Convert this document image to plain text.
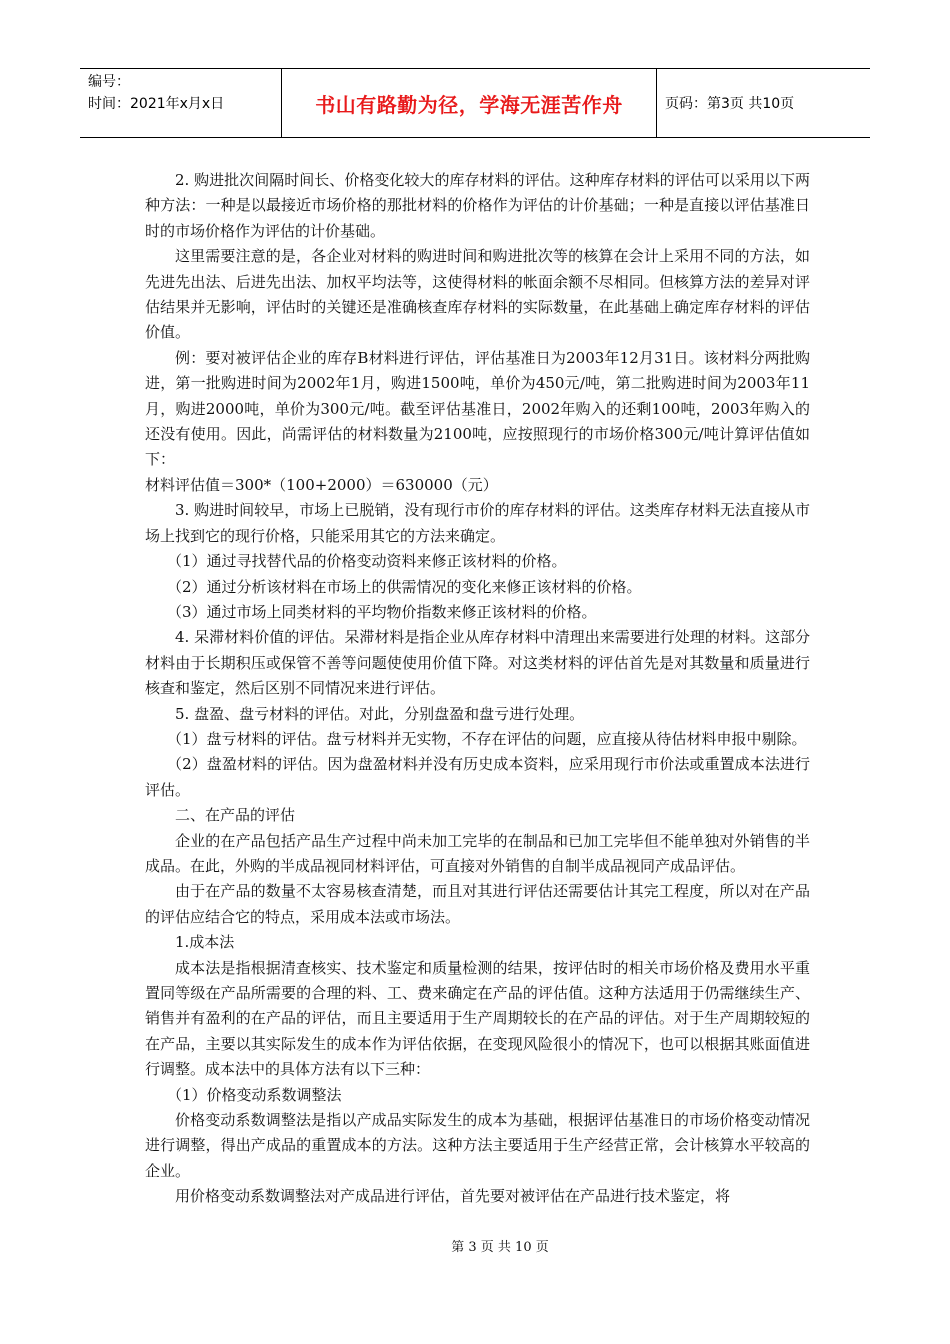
编号：
时间：2021年x月x日	书山有路勤为径，学海无涯苦作舟	页码：第3页 共10页

2. 购进批次间隔时间长、价格变化较大的库存材料的评估。这种库存材料的评估可以采用以下两种方法：一种是以最接近市场价格的那批材料的价格作为评估的计价基础；一种是直接以评估基准日时的市场价格作为评估的计价基础。

这里需要注意的是，各企业对材料的购进时间和购进批次等的核算在会计上采用不同的方法，如先进先出法、后进先出法、加权平均法等，这使得材料的帐面余额不尽相同。但核算方法的差异对评估结果并无影响，评估时的关键还是准确核查库存材料的实际数量，在此基础上确定库存材料的评估价值。

例：要对被评估企业的库存B材料进行评估，评估基准日为2003年12月31日。该材料分两批购进，第一批购进时间为2002年1月，购进1500吨，单价为450元/吨，第二批购进时间为2003年11月，购进2000吨，单价为300元/吨。截至评估基准日，2002年购入的还剩100吨，2003年购入的还没有使用。因此，尚需评估的材料数量为2100吨，应按照现行的市场价格300元/吨计算评估值如下：

材料评估值＝300*（100+2000）＝630000（元）

3. 购进时间较早，市场上已脱销，没有现行市价的库存材料的评估。这类库存材料无法直接从市场上找到它的现行价格，只能采用其它的方法来确定。

（1）通过寻找替代品的价格变动资料来修正该材料的价格。

（2）通过分析该材料在市场上的供需情况的变化来修正该材料的价格。

（3）通过市场上同类材料的平均物价指数来修正该材料的价格。

4. 呆滞材料价值的评估。呆滞材料是指企业从库存材料中清理出来需要进行处理的材料。这部分材料由于长期积压或保管不善等问题使使用价值下降。对这类材料的评估首先是对其数量和质量进行核查和鉴定，然后区别不同情况来进行评估。

5. 盘盈、盘亏材料的评估。对此，分别盘盈和盘亏进行处理。

（1）盘亏材料的评估。盘亏材料并无实物，不存在评估的问题，应直接从待估材料申报中剔除。

（2）盘盈材料的评估。因为盘盈材料并没有历史成本资料，应采用现行市价法或重置成本法进行评估。

二、在产品的评估

企业的在产品包括产品生产过程中尚未加工完毕的在制品和已加工完毕但不能单独对外销售的半成品。在此，外购的半成品视同材料评估，可直接对外销售的自制半成品视同产成品评估。

由于在产品的数量不太容易核查清楚，而且对其进行评估还需要估计其完工程度，所以对在产品的评估应结合它的特点，采用成本法或市场法。

1.成本法

成本法是指根据清查核实、技术鉴定和质量检测的结果，按评估时的相关市场价格及费用水平重置同等级在产品所需要的合理的料、工、费来确定在产品的评估值。这种方法适用于仍需继续生产、销售并有盈利的在产品的评估，而且主要适用于生产周期较长的在产品的评估。对于生产周期较短的在产品，主要以其实际发生的成本作为评估依据，在变现风险很小的情况下，也可以根据其账面值进行调整。成本法中的具体方法有以下三种：

（1）价格变动系数调整法

价格变动系数调整法是指以产成品实际发生的成本为基础，根据评估基准日的市场价格变动情况进行调整，得出产成品的重置成本的方法。这种方法主要适用于生产经营正常，会计核算水平较高的企业。

用价格变动系数调整法对产成品进行评估，首先要对被评估在产品进行技术鉴定，将

第 3 页 共 10 页
